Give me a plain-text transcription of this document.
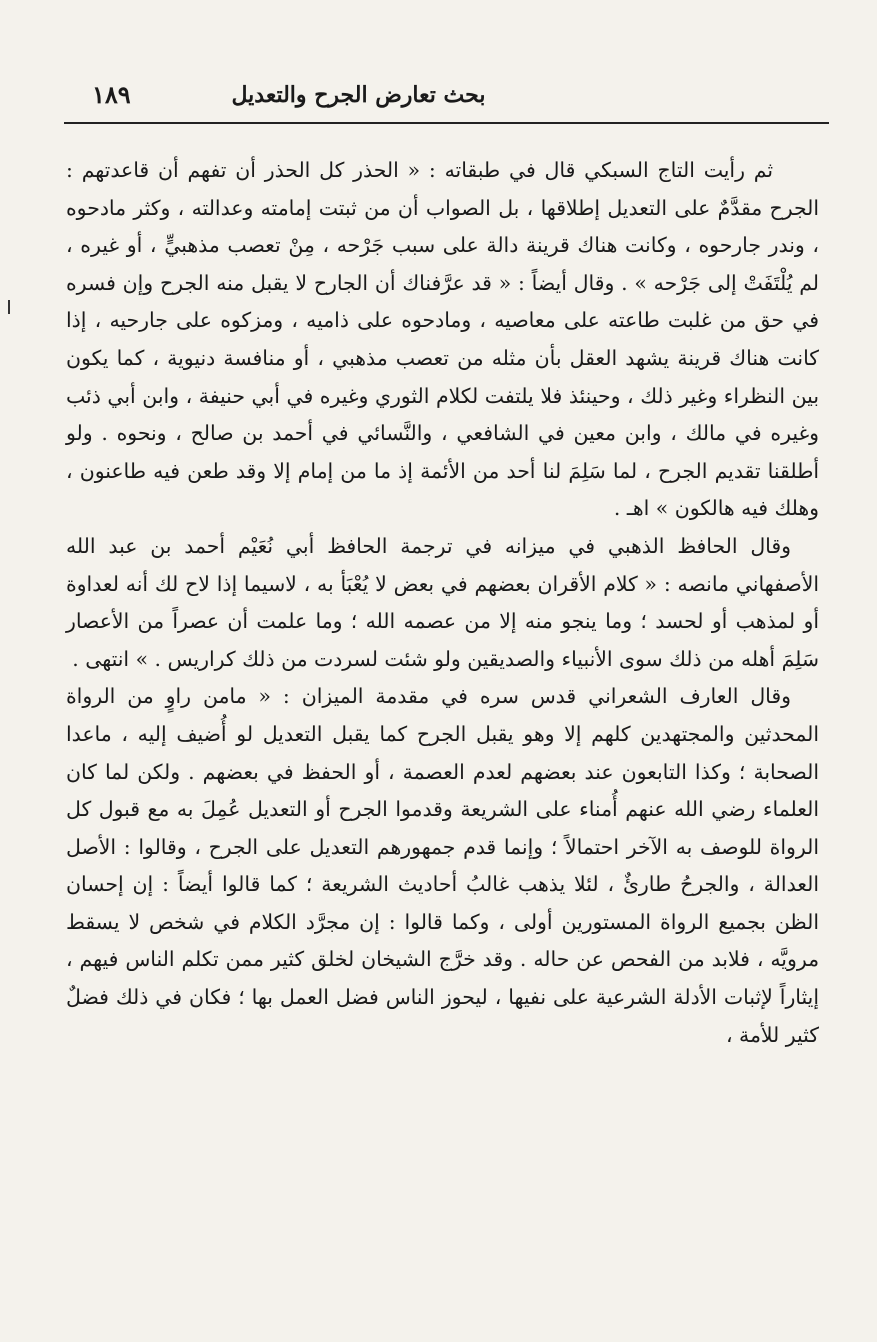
بحث تعارض الجرح والتعديل
١٨٩

ثم رأيت التاج السبكي قال في طبقاته : « الحذر كل الحذر أن تفهم أن قاعدتهم : الجرح مقدَّمٌ على التعديل إطلاقها ، بل الصواب أن من ثبتت إمامته وعدالته ، وكثر مادحوه ، وندر جارحوه ، وكانت هناك قرينة دالة على سبب جَرْحه ، مِنْ تعصب مذهبيٍّ ، أو غيره ، لم يُلْتَفَتْ إلى جَرْحه » . وقال أيضاً : « قد عرَّفناك أن الجارح لا يقبل منه الجرح وإن فسره في حق من غلبت طاعته على معاصيه ، ومادحوه على ذاميه ، ومزكوه على جارحيه ، إذا كانت هناك قرينة يشهد العقل بأن مثله من تعصب مذهبي ، أو منافسة دنيوية ، كما يكون بين النظراء وغير ذلك ، وحينئذ فلا يلتفت لكلام الثوري وغيره في أبي حنيفة ، وابن أبي ذئب وغيره في مالك ، وابن معين في الشافعي ، والنَّسائي في أحمد بن صالح ، ونحوه . ولو أطلقنا تقديم الجرح ، لما سَلِمَ لنا أحد من الأئمة إذ ما من إمام إلا وقد طعن فيه طاعنون ، وهلك فيه هالكون » اهـ .

وقال الحافظ الذهبي في ميزانه في ترجمة الحافظ أبي نُعَيْم أحمد بن عبد الله الأصفهاني مانصه : « كلام الأقران بعضهم في بعض لا يُعْبَأ به ، لاسيما إذا لاح لك أنه لعداوة أو لمذهب أو لحسد ؛ وما ينجو منه إلا من عصمه الله ؛ وما علمت أن عصراً من الأعصار سَلِمَ أهله من ذلك سوى الأنبياء والصديقين ولو شئت لسردت من ذلك كراريس . » انتهى .

وقال العارف الشعراني قدس سره في مقدمة الميزان : « مامن راوٍ من الرواة المحدثين والمجتهدين كلهم إلا وهو يقبل الجرح كما يقبل التعديل لو أُضيف إليه ، ماعدا الصحابة ؛ وكذا التابعون عند بعضهم لعدم العصمة ، أو الحفظ في بعضهم . ولكن لما كان العلماء رضي الله عنهم أُمناء على الشريعة وقدموا الجرح أو التعديل عُمِلَ به مع قبول كل الرواة للوصف به الآخر احتمالاً ؛ وإنما قدم جمهورهم التعديل على الجرح ، وقالوا : الأصل العدالة ، والجرحُ طارئٌ ، لئلا يذهب غالبُ أحاديث الشريعة ؛ كما قالوا أيضاً : إن إحسان الظن بجميع الرواة المستورين أولى ، وكما قالوا : إن مجرَّد الكلام في شخص لا يسقط مرويَّه ، فلابد من الفحص عن حاله . وقد خرَّج الشيخان لخلق كثير ممن تكلم الناس فيهم ، إيثاراً لإثبات الأدلة الشرعية على نفيها ، ليحوز الناس فضل العمل بها ؛ فكان في ذلك فضلٌ كثير للأمة ،
